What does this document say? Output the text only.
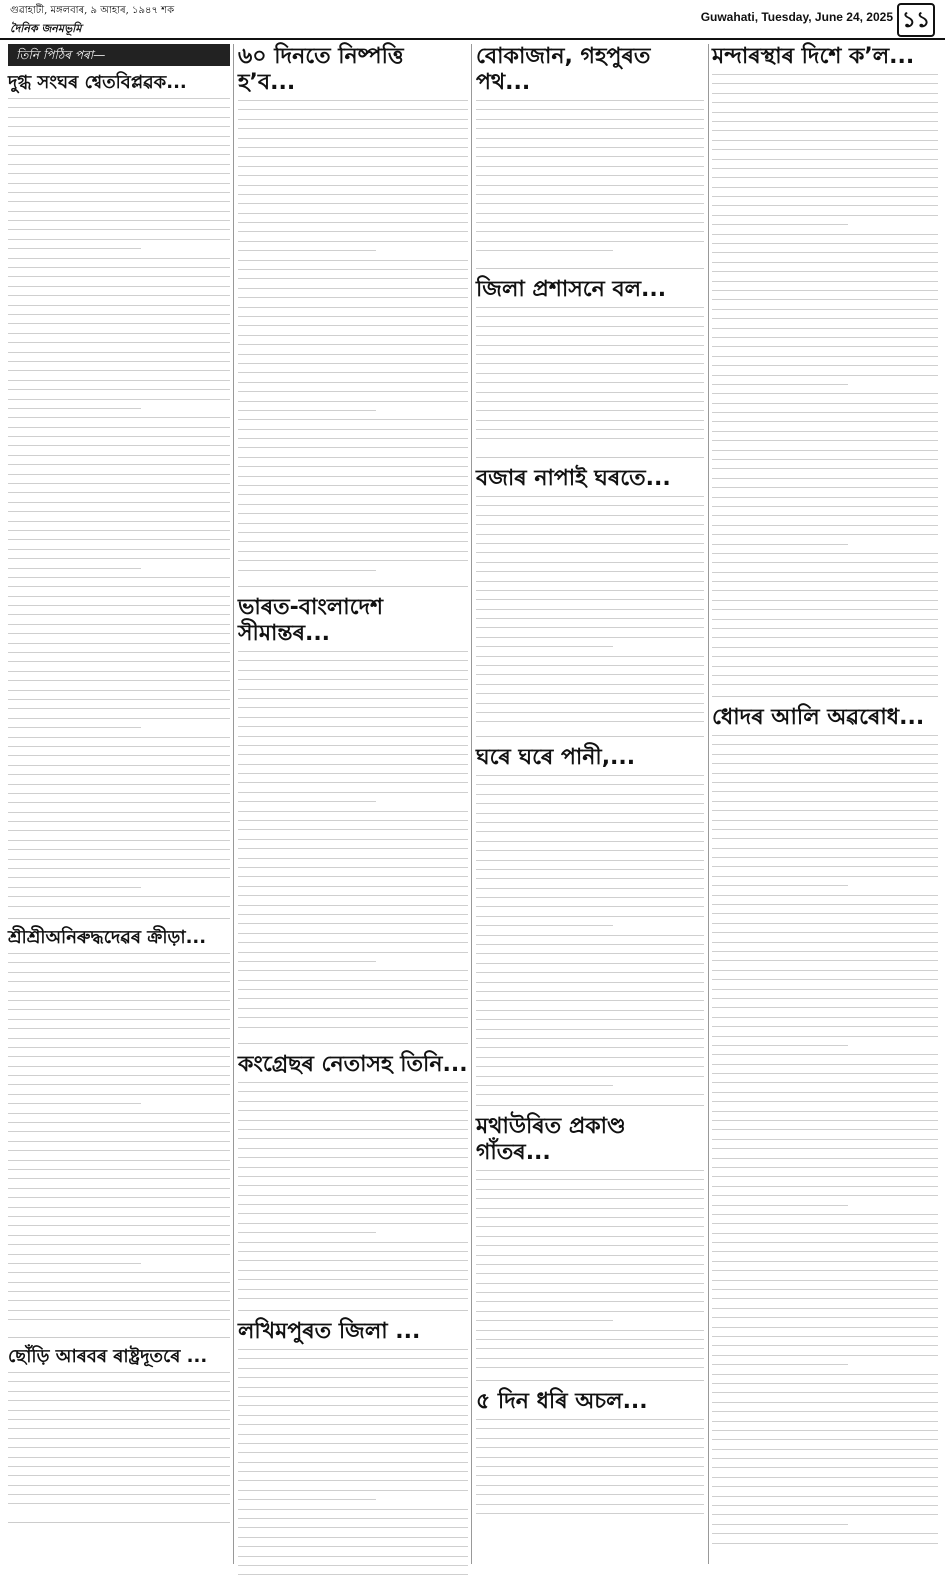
গুৱাহাটী, মঙ্গলবাৰ, ৯ আহাৰ, ১৯৪৭ শক
দৈনিক জনমভূমি
Guwahati, Tuesday, June 24, 2025 ১১
তিনি পিঠিৰ পৰা—
দুগ্ধ সংঘৰ শ্বেতবিপ্লৱক...
শ্ৰীশ্ৰীঅনিৰুদ্ধদেৱৰ ক্ৰীড়া...
ছোঁড়ি আৰবৰ ৰাষ্ট্ৰদূতৰে ...
৬০ দিনতে নিষ্পত্তি হ’ব...
ভাৰত-বাংলাদেশ সীমান্তৰ...
কংগ্ৰেছৰ নেতাসহ তিনি...
লখিমপুৰত জিলা ...
বোকাজান, গহপুৰত পথ...
জিলা প্ৰশাসনে বল...
বজাৰ নাপাই ঘৰতে...
ঘৰে ঘৰে পানী,...
মথাউৰিত প্ৰকাণ্ড গাঁতৰ...
৫ দিন ধৰি অচল...
মন্দাৰস্থাৰ দিশে ক’ল...
ধোদৰ আলি অৱৰোধ...
